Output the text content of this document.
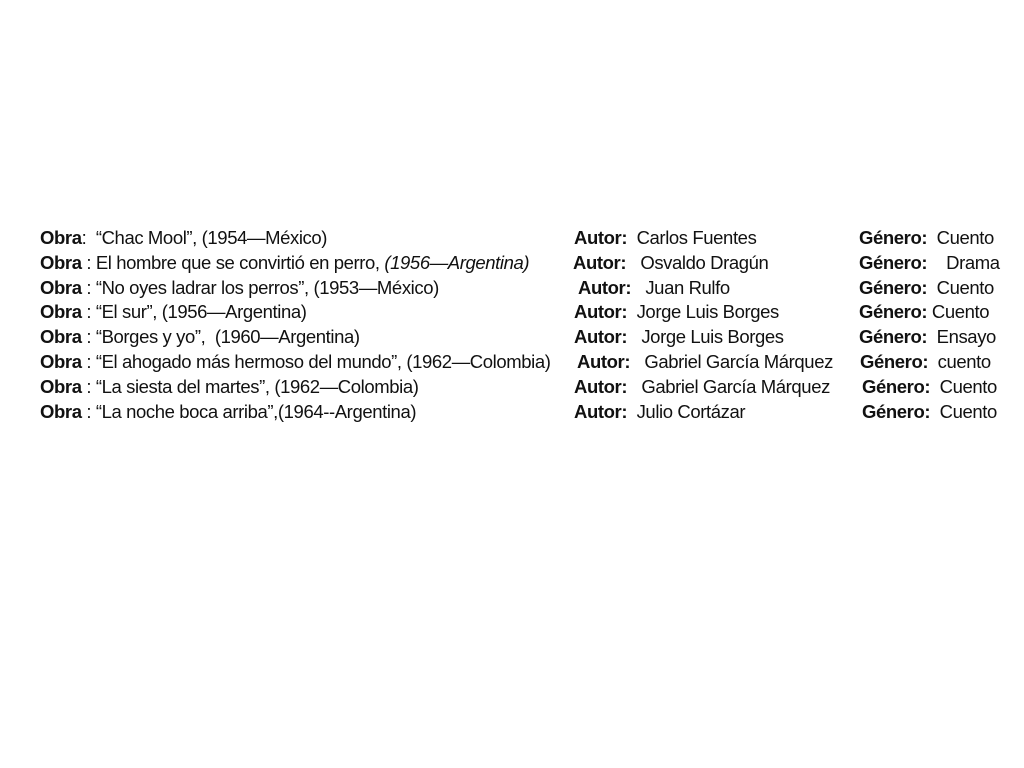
Obra:  “Chac Mool”, (1954—México)	Autor: Carlos Fuentes	Género: Cuento
Obra : El hombre que se convirtió en perro, (1956—Argentina) Autor: Osvaldo Dragún	Género: Drama
Obra : “No oyes ladrar los perros”, (1953—México)	Autor: Juan Rulfo	Género: Cuento
Obra : “El sur”, (1956—Argentina)	Autor: Jorge Luis Borges	Género: Cuento
Obra : “Borges y yo”,  (1960—Argentina)	Autor: Jorge Luis Borges	Género: Ensayo
Obra : “El ahogado más hermoso del mundo”, (1962—Colombia) Autor: Gabriel García Márquez Género: cuento
Obra : “La siesta del martes”, (1962—Colombia)	Autor: Gabriel García Márquez Género: Cuento
Obra : “La noche boca arriba”,(1964--Argentina)	Autor: Julio Cortázar	Género: Cuento
